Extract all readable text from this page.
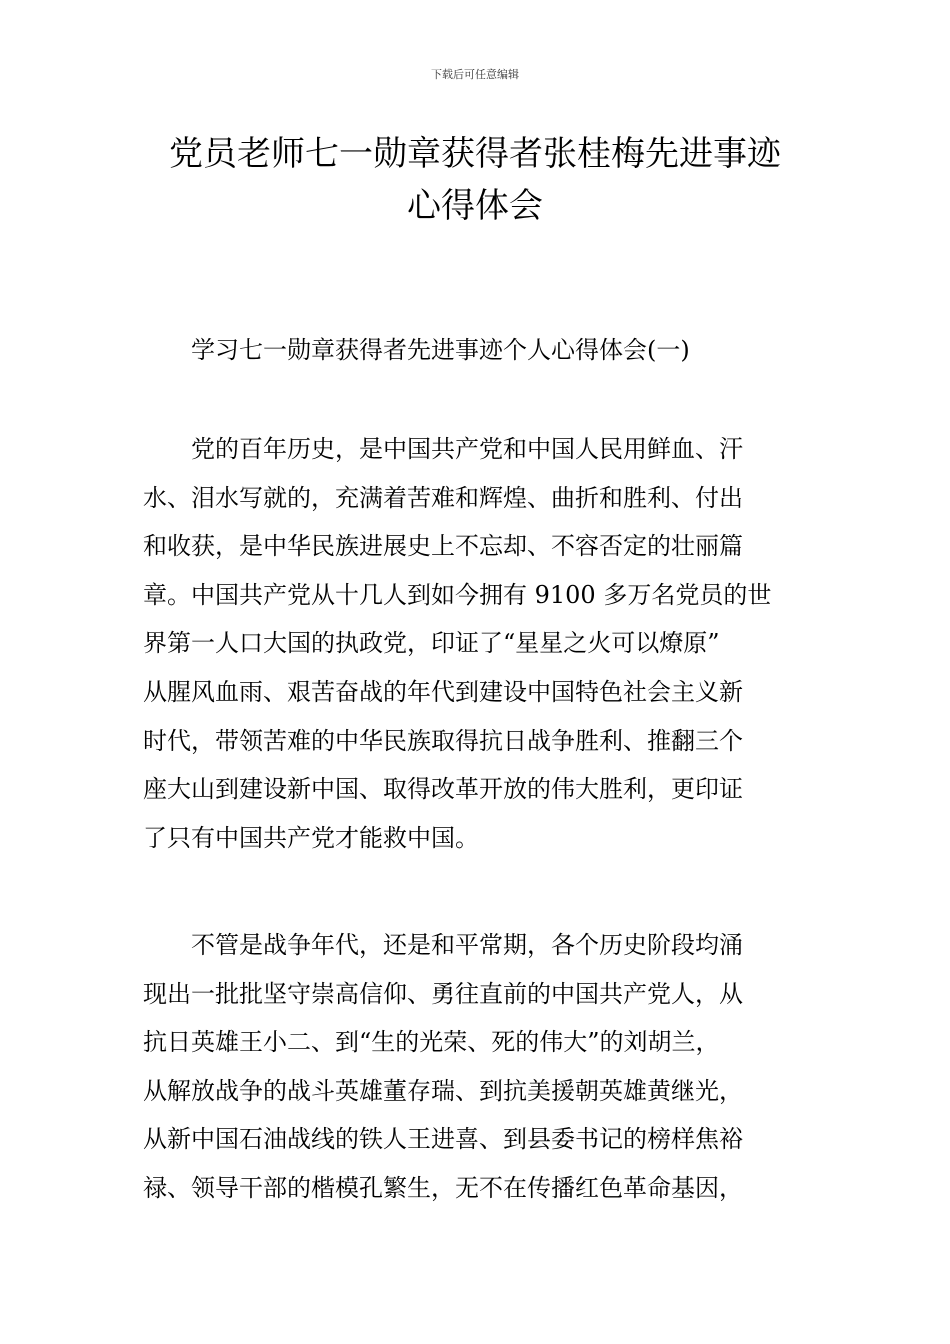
下载后可任意编辑
党员老师七一勋章获得者张桂梅先进事迹
心得体会

学习七一勋章获得者先进事迹个人心得体会(一)

党的百年历史，是中国共产党和中国人民用鲜血、汗
水、泪水写就的，充满着苦难和辉煌、曲折和胜利、付出
和收获，是中华民族进展史上不忘却、不容否定的壮丽篇
章。中国共产党从十几人到如今拥有 9100 多万名党员的世
界第一人口大国的执政党，印证了“星星之火可以燎原”
从腥风血雨、艰苦奋战的年代到建设中国特色社会主义新
时代，带领苦难的中华民族取得抗日战争胜利、推翻三个
座大山到建设新中国、取得改革开放的伟大胜利，更印证
了只有中国共产党才能救中国。

不管是战争年代，还是和平常期，各个历史阶段均涌
现出一批批坚守崇高信仰、勇往直前的中国共产党人，从
抗日英雄王小二、到“生的光荣、死的伟大”的刘胡兰，
从解放战争的战斗英雄董存瑞、到抗美援朝英雄黄继光，
从新中国石油战线的铁人王进喜、到县委书记的榜样焦裕
禄、领导干部的楷模孔繁生，无不在传播红色革命基因，
